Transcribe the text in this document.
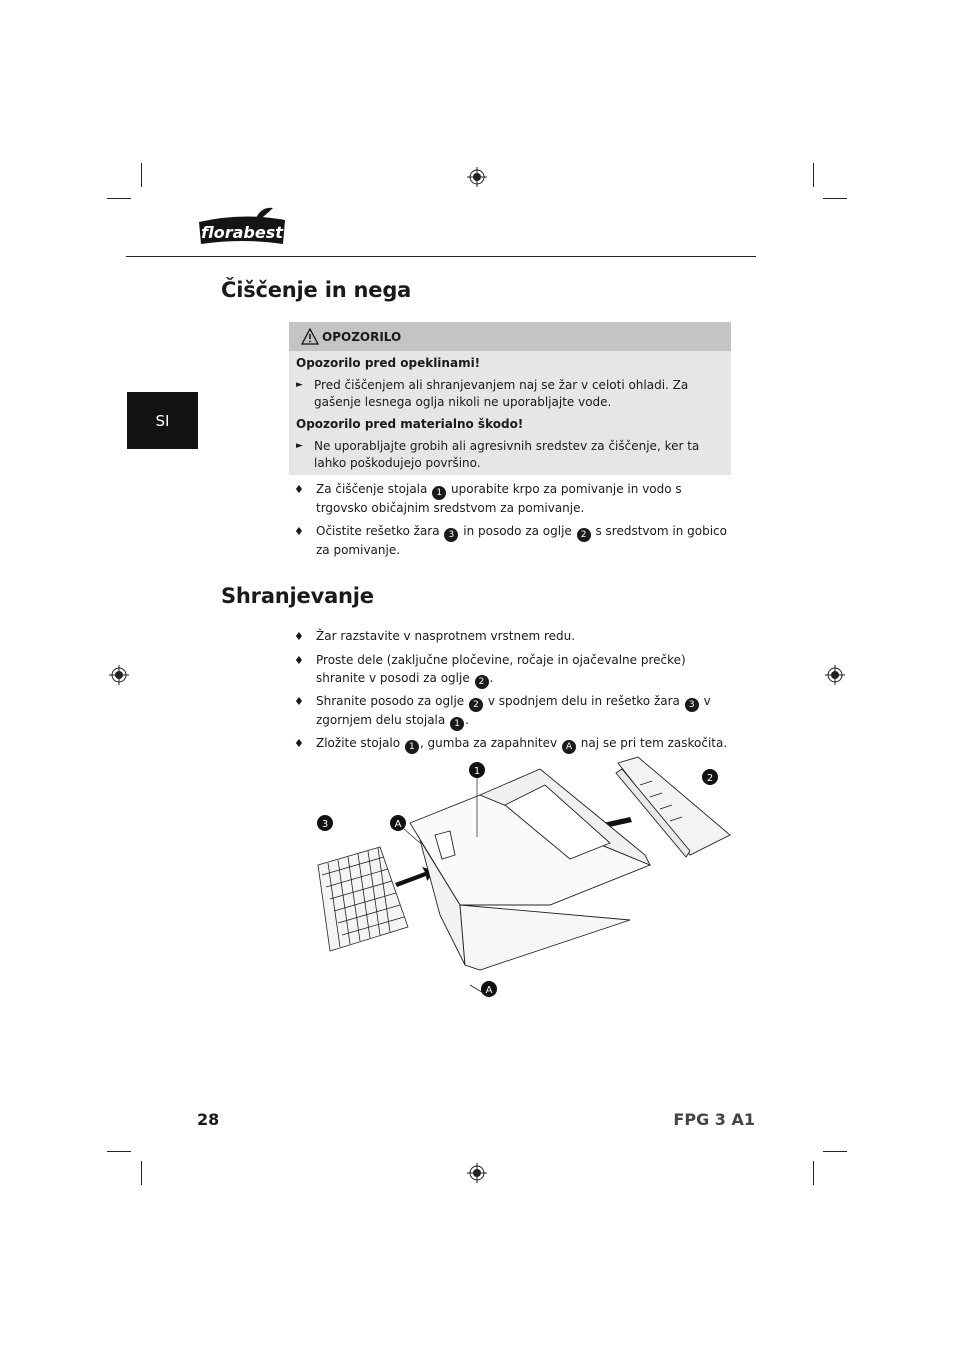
florabest
SI
Čiščenje in nega
OPOZORILO
Opozorilo pred opeklinami!
► Pred čiščenjem ali shranjevanjem naj se žar v celoti ohladi. Za gašenje lesnega oglja nikoli ne uporabljajte vode.
Opozorilo pred materialno škodo!
► Ne uporabljajte grobih ali agresivnih sredstev za čiščenje, ker ta lahko poškodujejo površino.
♦ Za čiščenje stojala 1 uporabite krpo za pomivanje in vodo s trgovsko običajnim sredstvom za pomivanje.
♦ Očistite rešetko žara 3 in posodo za oglje 2 s sredstvom in gobico za pomivanje.
Shranjevanje
♦ Žar razstavite v nasprotnem vrstnem redu.
♦ Proste dele (zaključne pločevine, ročaje in ojačevalne prečke) shranite v posodi za oglje 2 .
♦ Shranite posodo za oglje 2 v spodnjem delu in rešetko žara 3 v zgornjem delu stojala 1 .
♦ Zložite stojalo 1 , gumba za zapahnitev A naj se pri tem zaskočita.
1
2
3	A
A
28	FPG 3 A1
